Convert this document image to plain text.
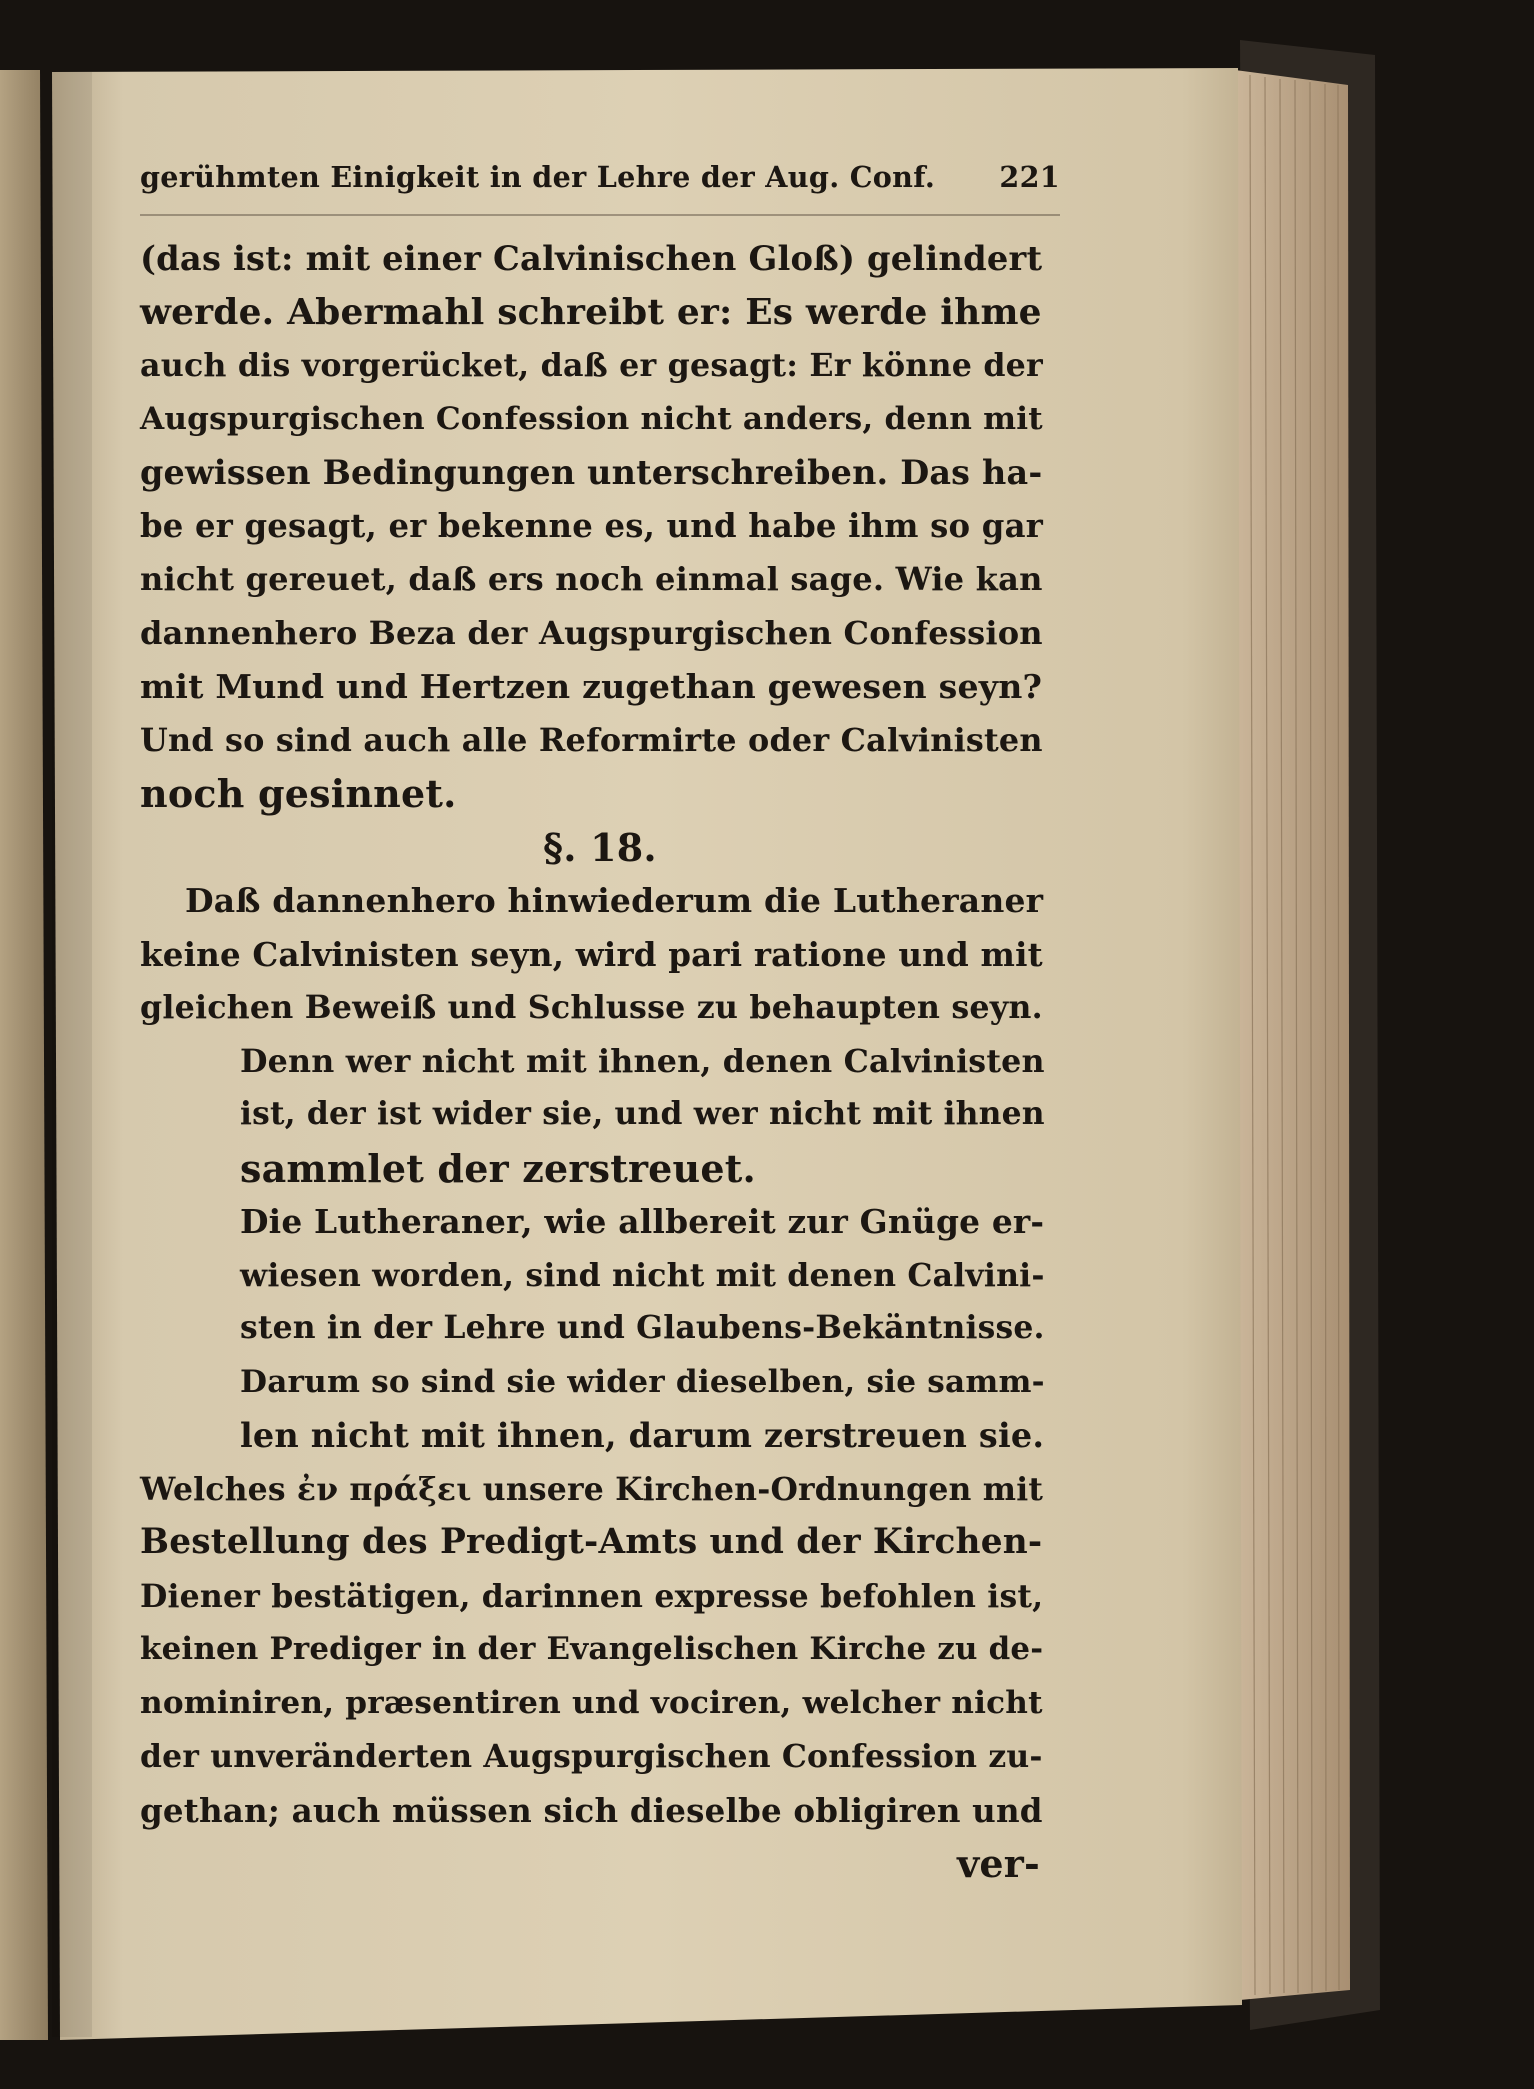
gerühmten Einigkeit in der Lehre der Aug. Conf. 221
(das ist: mit einer Calvinischen Gloß) gelindert
werde. Abermahl schreibt er: Es werde ihme
auch dis vorgerücket, daß er gesagt: Er könne der
Augspurgischen Confession nicht anders, denn mit
gewissen Bedingungen unterschreiben. Das ha-
be er gesagt, er bekenne es, und habe ihm so gar
nicht gereuet, daß ers noch einmal sage. Wie kan
dannenhero Beza der Augspurgischen Confession
mit Mund und Hertzen zugethan gewesen seyn?
Und so sind auch alle Reformirte oder Calvinisten
noch gesinnet.
§. 18.
Daß dannenhero hinwiederum die Lutheraner
keine Calvinisten seyn, wird pari ratione und mit
gleichen Beweiß und Schlusse zu behaupten seyn.
Denn wer nicht mit ihnen, denen Calvinisten
ist, der ist wider sie, und wer nicht mit ihnen
sammlet der zerstreuet.
Die Lutheraner, wie allbereit zur Gnüge er-
wiesen worden, sind nicht mit denen Calvini-
sten in der Lehre und Glaubens-Bekäntnisse.
Darum so sind sie wider dieselben, sie samm-
len nicht mit ihnen, darum zerstreuen sie.
Welches ἐν πράξει unsere Kirchen-Ordnungen mit
Bestellung des Predigt-Amts und der Kirchen-
Diener bestätigen, darinnen expresse befohlen ist,
keinen Prediger in der Evangelischen Kirche zu de-
nominiren, præsentiren und vociren, welcher nicht
der unveränderten Augspurgischen Confession zu-
gethan; auch müssen sich dieselbe obligiren und
ver-
